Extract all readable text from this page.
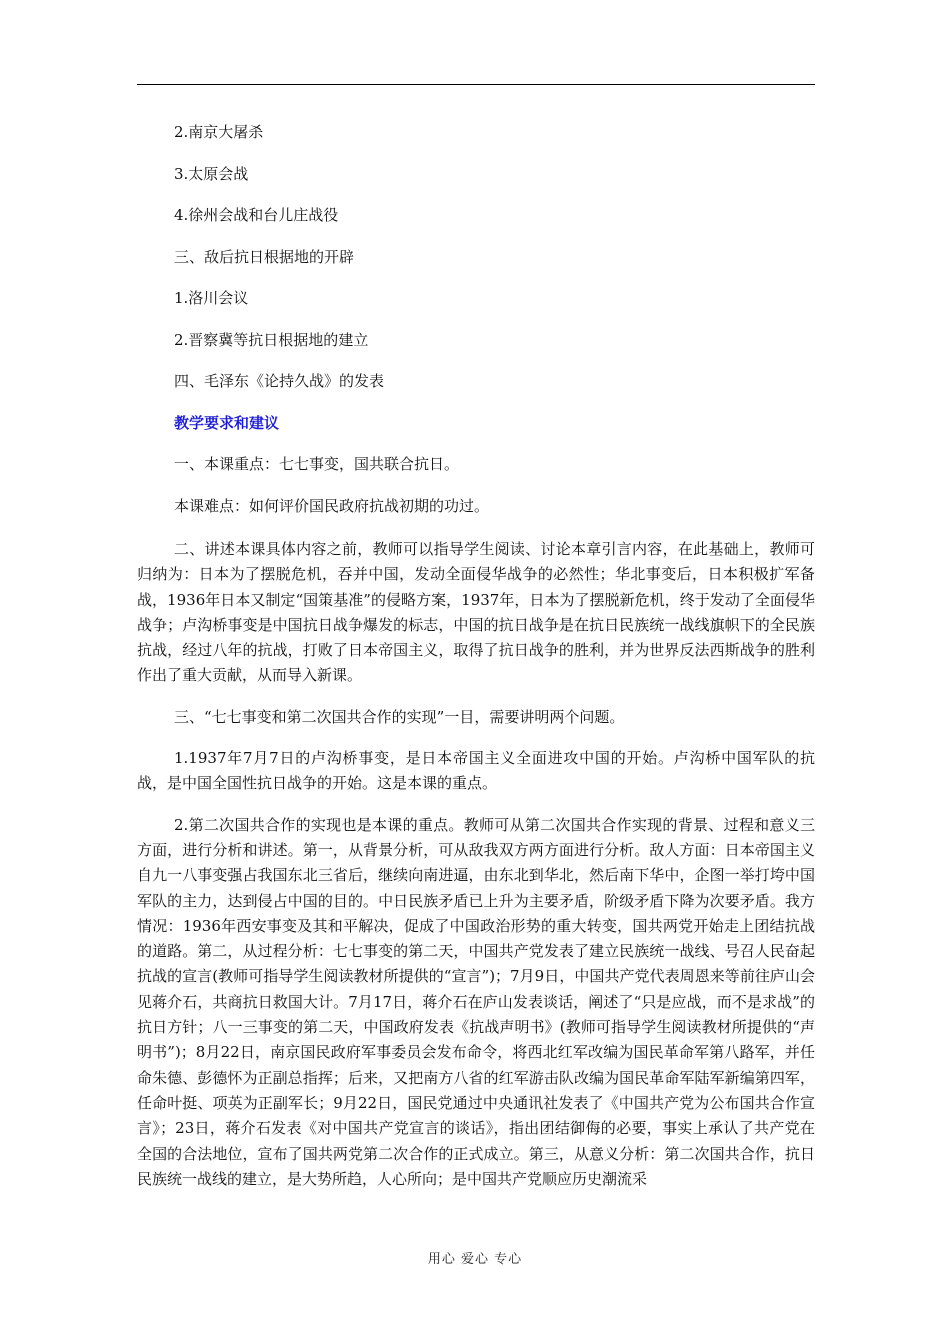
2.南京大屠杀
3.太原会战
4.徐州会战和台儿庄战役
三、敌后抗日根据地的开辟
1.洛川会议
2.晋察冀等抗日根据地的建立
四、毛泽东《论持久战》的发表
教学要求和建议
一、本课重点：七七事变，国共联合抗日。
本课难点：如何评价国民政府抗战初期的功过。

二、讲述本课具体内容之前，教师可以指导学生阅读、讨论本章引言内容，在此基础上，教师可归纳为：日本为了摆脱危机，吞并中国，发动全面侵华战争的必然性；华北事变后，日本积极扩军备战，1936年日本又制定“国策基准”的侵略方案，1937年，日本为了摆脱新危机，终于发动了全面侵华战争；卢沟桥事变是中国抗日战争爆发的标志，中国的抗日战争是在抗日民族统一战线旗帜下的全民族抗战，经过八年的抗战，打败了日本帝国主义，取得了抗日战争的胜利，并为世界反法西斯战争的胜利作出了重大贡献，从而导入新课。

三、“七七事变和第二次国共合作的实现”一目，需要讲明两个问题。

1.1937年7月7日的卢沟桥事变，是日本帝国主义全面进攻中国的开始。卢沟桥中国军队的抗战，是中国全国性抗日战争的开始。这是本课的重点。

2.第二次国共合作的实现也是本课的重点。教师可从第二次国共合作实现的背景、过程和意义三方面，进行分析和讲述。第一，从背景分析，可从敌我双方两方面进行分析。敌人方面：日本帝国主义自九一八事变强占我国东北三省后，继续向南进逼，由东北到华北，然后南下华中，企图一举打垮中国军队的主力，达到侵占中国的目的。中日民族矛盾已上升为主要矛盾，阶级矛盾下降为次要矛盾。我方情况：1936年西安事变及其和平解决，促成了中国政治形势的重大转变，国共两党开始走上团结抗战的道路。第二，从过程分析：七七事变的第二天，中国共产党发表了建立民族统一战线、号召人民奋起抗战的宣言(教师可指导学生阅读教材所提供的“宣言”)；7月9日，中国共产党代表周恩来等前往庐山会见蒋介石，共商抗日救国大计。7月17日，蒋介石在庐山发表谈话，阐述了“只是应战，而不是求战”的抗日方针；八一三事变的第二天，中国政府发表《抗战声明书》(教师可指导学生阅读教材所提供的“声明书”)；8月22日，南京国民政府军事委员会发布命令，将西北红军改编为国民革命军第八路军，并任命朱德、彭德怀为正副总指挥；后来，又把南方八省的红军游击队改编为国民革命军陆军新编第四军，任命叶挺、项英为正副军长；9月22日，国民党通过中央通讯社发表了《中国共产党为公布国共合作宣言》；23日，蒋介石发表《对中国共产党宣言的谈话》，指出团结御侮的必要，事实上承认了共产党在全国的合法地位，宣布了国共两党第二次合作的正式成立。第三，从意义分析：第二次国共合作，抗日民族统一战线的建立，是大势所趋，人心所向；是中国共产党顺应历史潮流采

用心 爱心 专心
